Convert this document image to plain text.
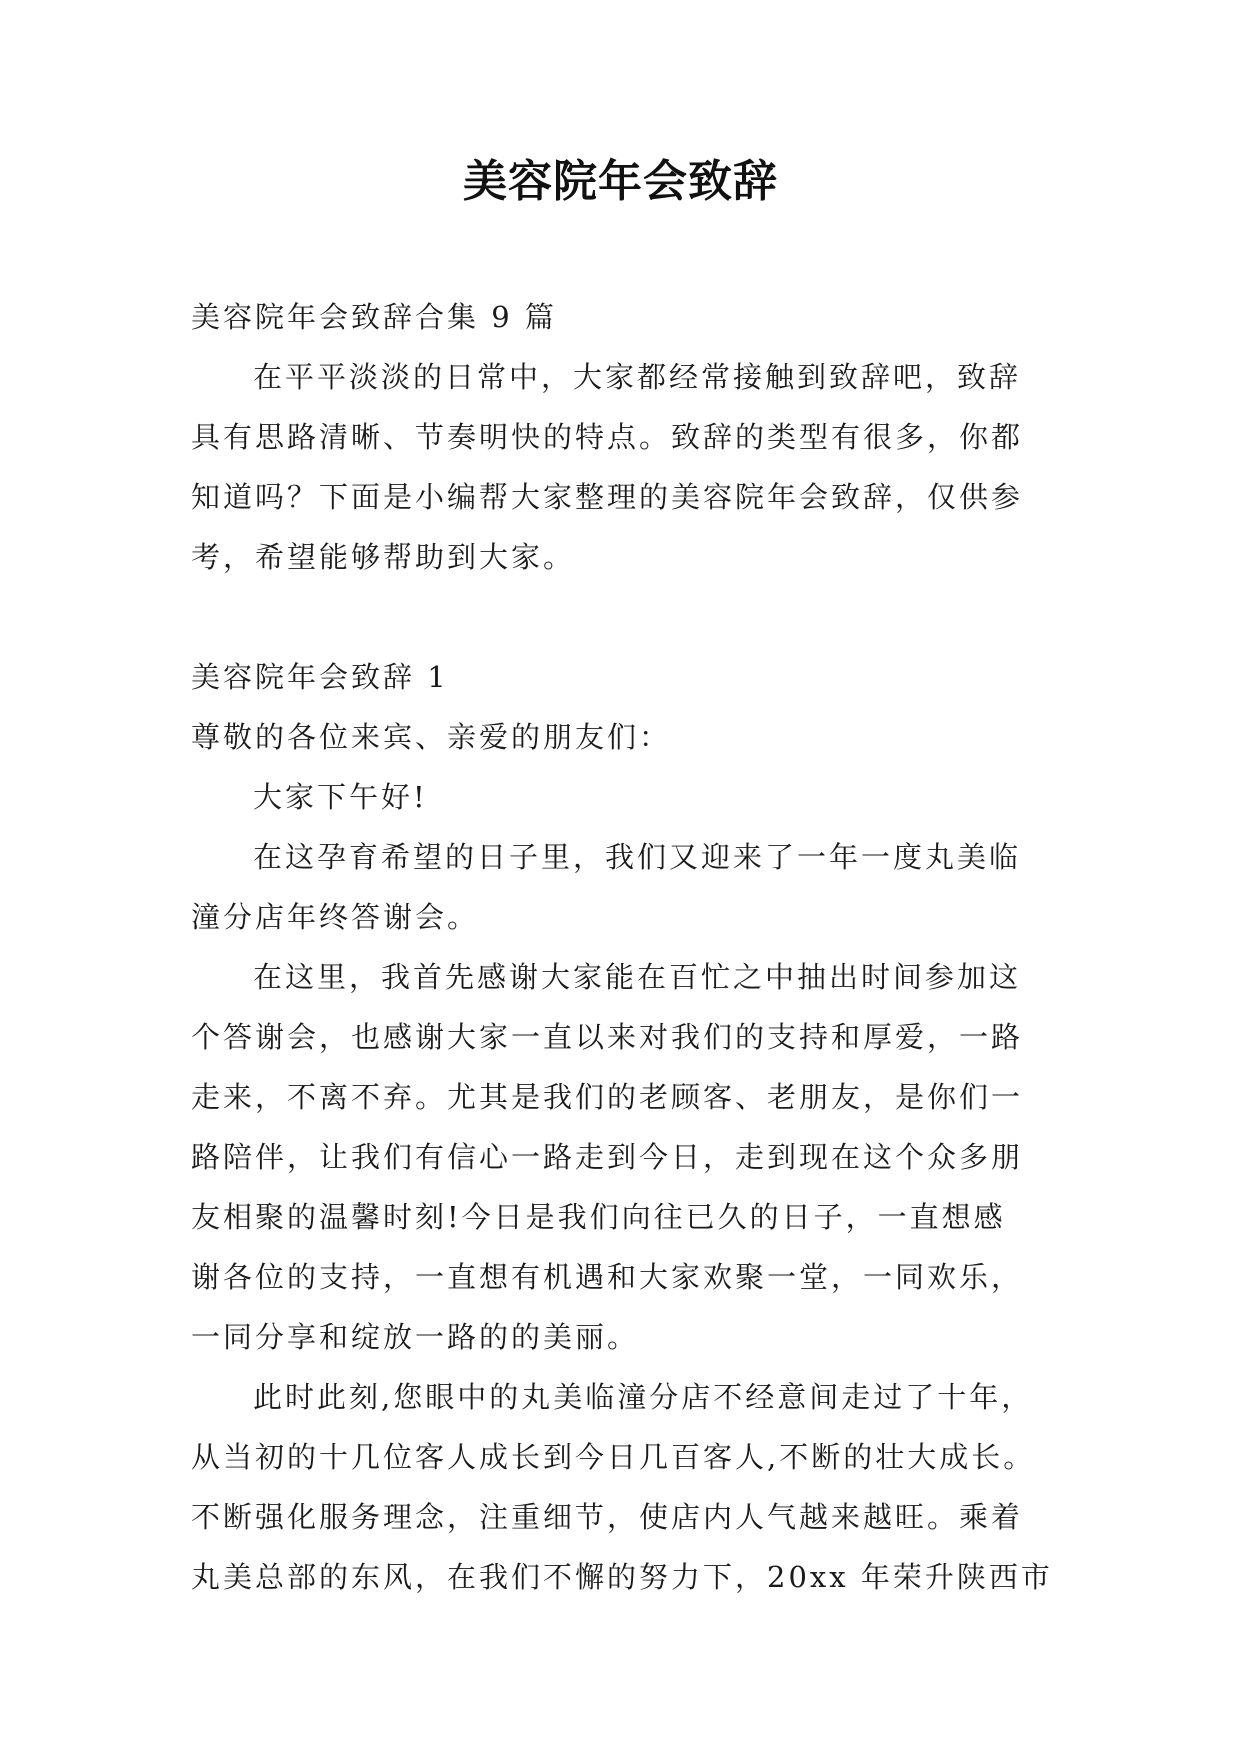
美容院年会致辞
美容院年会致辞合集 9 篇
在平平淡淡的日常中，大家都经常接触到致辞吧，致辞
具有思路清晰、节奏明快的特点。致辞的类型有很多，你都
知道吗？下面是小编帮大家整理的美容院年会致辞，仅供参
考，希望能够帮助到大家。
美容院年会致辞 1
尊敬的各位来宾、亲爱的朋友们：
大家下午好!
在这孕育希望的日子里，我们又迎来了一年一度丸美临
潼分店年终答谢会。
在这里，我首先感谢大家能在百忙之中抽出时间参加这
个答谢会，也感谢大家一直以来对我们的支持和厚爱，一路
走来，不离不弃。尤其是我们的老顾客、老朋友，是你们一
路陪伴，让我们有信心一路走到今日，走到现在这个众多朋
友相聚的温馨时刻!今日是我们向往已久的日子，一直想感
谢各位的支持，一直想有机遇和大家欢聚一堂，一同欢乐，
一同分享和绽放一路的的美丽。
此时此刻,您眼中的丸美临潼分店不经意间走过了十年，
从当初的十几位客人成长到今日几百客人,不断的壮大成长。
不断强化服务理念，注重细节，使店内人气越来越旺。乘着
丸美总部的东风，在我们不懈的努力下，20xx 年荣升陕西市
